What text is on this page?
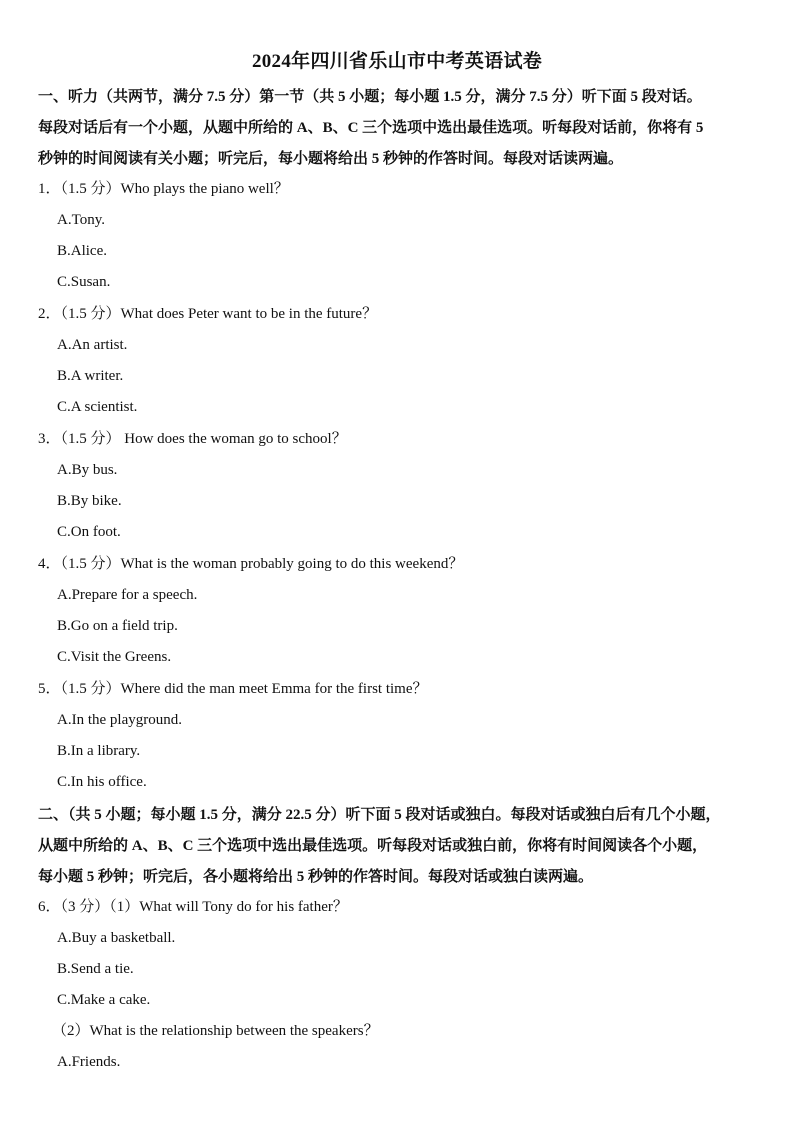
2024年四川省乐山市中考英语试卷

一、听力（共两节，满分 7.5 分）第一节（共 5 小题；每小题 1.5 分，满分 7.5 分）听下面 5 段对话。

每段对话后有一个小题，从题中所给的 A、B、C 三个选项中选出最佳选项。听每段对话前，你将有 5

秒钟的时间阅读有关小题；听完后，每小题将给出 5 秒钟的作答时间。每段对话读两遍。

1．（1.5 分）Who plays the piano well？
A.Tony.
B.Alice.
C.Susan.
2．（1.5 分）What does Peter want to be in the future？
A.An artist.
B.A writer.
C.A scientist.
3．（1.5 分） How does the woman go to school？
A.By bus.
B.By bike.
C.On foot.
4．（1.5 分）What is the woman probably going to do this weekend？
A.Prepare for a speech.
B.Go on a field trip.
C.Visit the Greens.
5．（1.5 分）Where did the man meet Emma for the first time？
A.In the playground.
B.In a library.
C.In his office.

二、（共 5 小题；每小题 1.5 分，满分 22.5 分）听下面 5 段对话或独白。每段对话或独白后有几个小题，

从题中所给的 A、B、C 三个选项中选出最佳选项。听每段对话或独白前，你将有时间阅读各个小题，

每小题 5 秒钟；听完后，各小题将给出 5 秒钟的作答时间。每段对话或独白读两遍。

6．（3 分）（1）What will Tony do for his father？
A.Buy a basketball.
B.Send a tie.
C.Make a cake.
（2）What is the relationship between the speakers？
A.Friends.
